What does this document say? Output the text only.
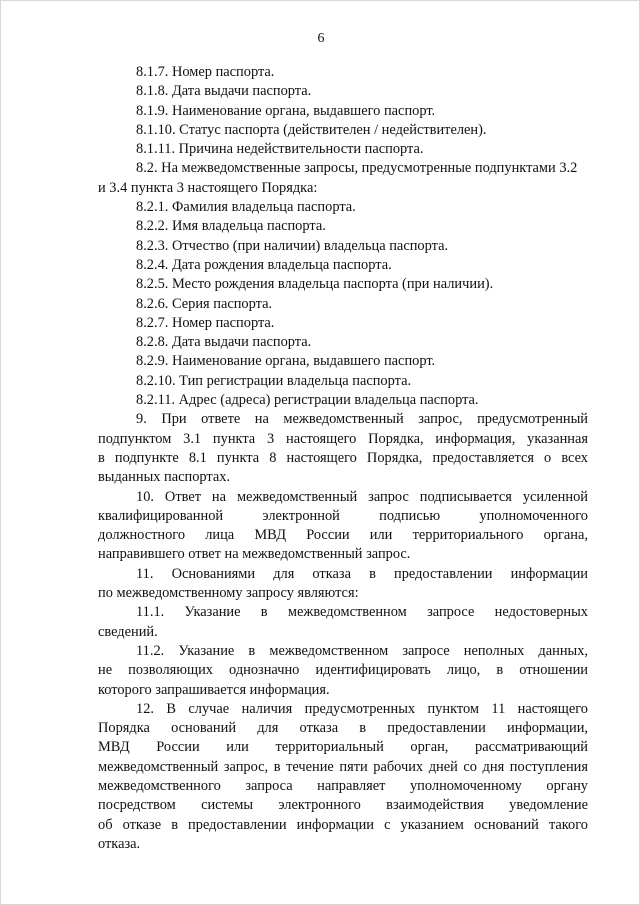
6
8.1.7. Номер паспорта.
8.1.8. Дата выдачи паспорта.
8.1.9. Наименование органа, выдавшего паспорт.
8.1.10. Статус паспорта (действителен / недействителен).
8.1.11. Причина недействительности паспорта.
8.2. На межведомственные запросы, предусмотренные подпунктами 3.2
и 3.4 пункта 3 настоящего Порядка:
8.2.1. Фамилия владельца паспорта.
8.2.2. Имя владельца паспорта.
8.2.3. Отчество (при наличии) владельца паспорта.
8.2.4. Дата рождения владельца паспорта.
8.2.5. Место рождения владельца паспорта (при наличии).
8.2.6. Серия паспорта.
8.2.7. Номер паспорта.
8.2.8. Дата выдачи паспорта.
8.2.9. Наименование органа, выдавшего паспорт.
8.2.10. Тип регистрации владельца паспорта.
8.2.11. Адрес (адреса) регистрации владельца паспорта.
9. При ответе на межведомственный запрос, предусмотренный
подпунктом 3.1 пункта 3 настоящего Порядка, информация, указанная
в подпункте 8.1 пункта 8 настоящего Порядка, предоставляется о всех
выданных паспортах.
10. Ответ на межведомственный запрос подписывается усиленной
квалифицированной электронной подписью уполномоченного
должностного лица МВД России или территориального органа,
направившего ответ на межведомственный запрос.
11. Основаниями для отказа в предоставлении информации
по межведомственному запросу являются:
11.1. Указание в межведомственном запросе недостоверных
сведений.
11.2. Указание в межведомственном запросе неполных данных,
не позволяющих однозначно идентифицировать лицо, в отношении
которого запрашивается информация.
12. В случае наличия предусмотренных пунктом 11 настоящего
Порядка оснований для отказа в предоставлении информации,
МВД России или территориальный орган, рассматривающий
межведомственный запрос, в течение пяти рабочих дней со дня поступления
межведомственного запроса направляет уполномоченному органу
посредством системы электронного взаимодействия уведомление
об отказе в предоставлении информации с указанием оснований такого
отказа.
